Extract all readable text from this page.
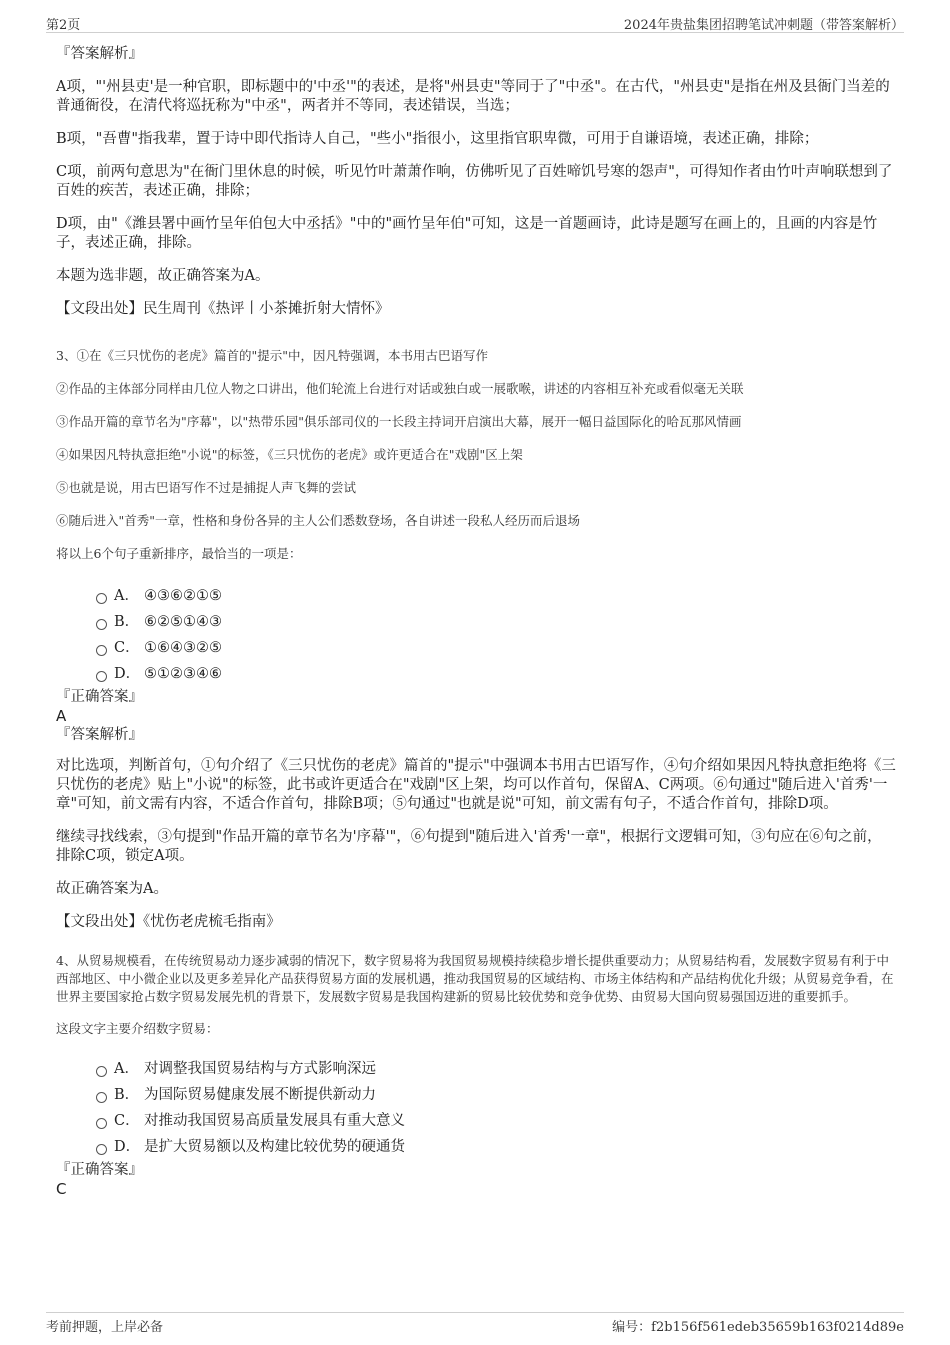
第2页	2024年贵盐集团招聘笔试冲刺题（带答案解析）

『答案解析』

A项，"'州县吏'是一种官职，即标题中的'中丞'"的表述，是将"州县吏"等同于了"中丞"。在古代，"州县吏"是指在州及县衙门当差的普通衙役，在清代将巡抚称为"中丞"，两者并不等同，表述错误，当选；

B项，"吾曹"指我辈，置于诗中即代指诗人自己，"些小"指很小，这里指官职卑微，可用于自谦语境，表述正确，排除；

C项，前两句意思为"在衙门里休息的时候，听见竹叶萧萧作响，仿佛听见了百姓啼饥号寒的怨声"，可得知作者由竹叶声响联想到了百姓的疾苦，表述正确，排除；

D项，由"《潍县署中画竹呈年伯包大中丞括》"中的"画竹呈年伯"可知，这是一首题画诗，此诗是题写在画上的，且画的内容是竹子，表述正确，排除。

本题为选非题，故正确答案为A。

【文段出处】民生周刊《热评丨小茶摊折射大情怀》

3、①在《三只忧伤的老虎》篇首的"提示"中，因凡特强调，本书用古巴语写作

②作品的主体部分同样由几位人物之口讲出，他们轮流上台进行对话或独白或一展歌喉，讲述的内容相互补充或看似毫无关联

③作品开篇的章节名为"序幕"，以"热带乐园"俱乐部司仪的一长段主持词开启演出大幕，展开一幅日益国际化的哈瓦那风情画

④如果因凡特执意拒绝"小说"的标签，《三只忧伤的老虎》或许更适合在"戏剧"区上架

⑤也就是说，用古巴语写作不过是捕捉人声飞舞的尝试

⑥随后进入"首秀"一章，性格和身份各异的主人公们悉数登场，各自讲述一段私人经历而后退场

将以上6个句子重新排序，最恰当的一项是：

A． ④③⑥②①⑤
B． ⑥②⑤①④③
C． ①⑥④③②⑤
D． ⑤①②③④⑥

『正确答案』

A

『答案解析』

对比选项，判断首句，①句介绍了《三只忧伤的老虎》篇首的"提示"中强调本书用古巴语写作，④句介绍如果因凡特执意拒绝将《三只忧伤的老虎》贴上"小说"的标签，此书或许更适合在"戏剧"区上架，均可以作首句，保留A、C两项。⑥句通过"随后进入'首秀'一章"可知，前文需有内容，不适合作首句，排除B项；⑤句通过"也就是说"可知，前文需有句子，不适合作首句，排除D项。

继续寻找线索，③句提到"作品开篇的章节名为'序幕'"，⑥句提到"随后进入'首秀'一章"，根据行文逻辑可知，③句应在⑥句之前，排除C项，锁定A项。

故正确答案为A。

【文段出处】《忧伤老虎梳毛指南》

4、从贸易规模看，在传统贸易动力逐步减弱的情况下，数字贸易将为我国贸易规模持续稳步增长提供重要动力；从贸易结构看，发展数字贸易有利于中西部地区、中小微企业以及更多差异化产品获得贸易方面的发展机遇，推动我国贸易的区域结构、市场主体结构和产品结构优化升级；从贸易竞争看，在世界主要国家抢占数字贸易发展先机的背景下，发展数字贸易是我国构建新的贸易比较优势和竞争优势、由贸易大国向贸易强国迈进的重要抓手。

这段文字主要介绍数字贸易：

A． 对调整我国贸易结构与方式影响深远
B． 为国际贸易健康发展不断提供新动力
C． 对推动我国贸易高质量发展具有重大意义
D． 是扩大贸易额以及构建比较优势的硬通货

『正确答案』

C

考前押题，上岸必备	编号：f2b156f561edeb35659b163f0214d89e
